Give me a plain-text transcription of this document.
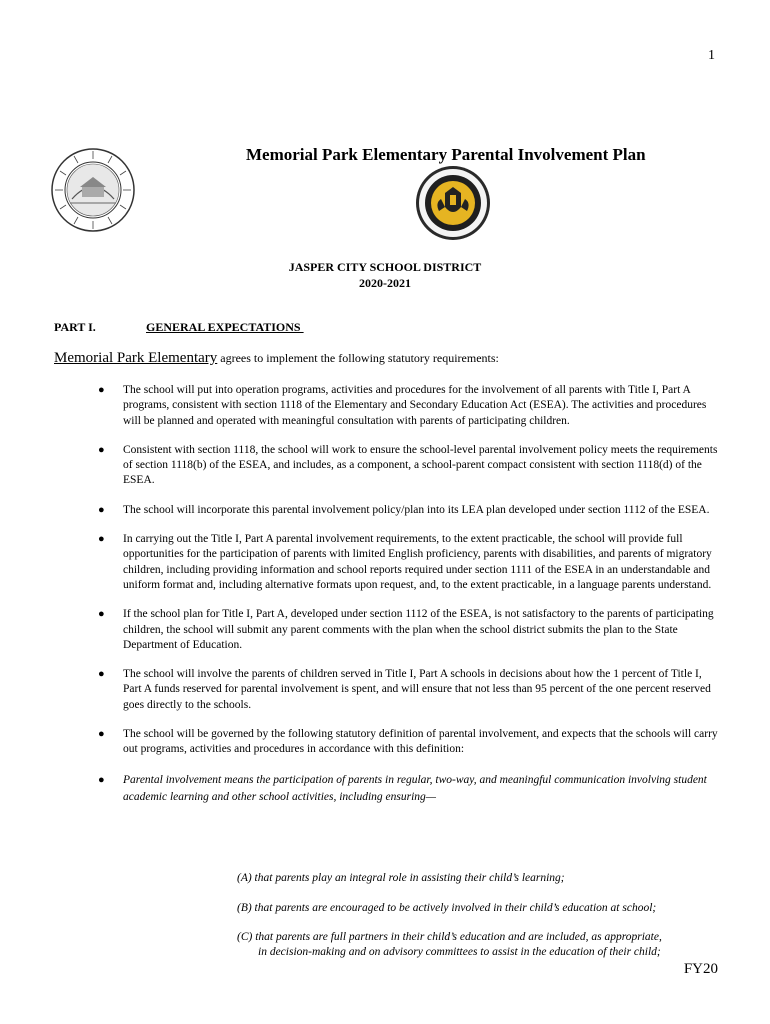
1
Memorial Park Elementary Parental Involvement Plan
JASPER CITY SCHOOL DISTRICT
2020-2021
PART I.	GENERAL EXPECTATIONS
Memorial Park Elementary agrees to implement the following statutory requirements:
● The school will put into operation programs, activities and procedures for the involvement of all parents with Title I, Part A programs, consistent with section 1118 of the Elementary and Secondary Education Act (ESEA). The activities and procedures will be planned and operated with meaningful consultation with parents of participating children.
● Consistent with section 1118, the school will work to ensure the school-level parental involvement policy meets the requirements of section 1118(b) of the ESEA, and includes, as a component, a school-parent compact consistent with section 1118(d) of the ESEA.
● The school will incorporate this parental involvement policy/plan into its LEA plan developed under section 1112 of the ESEA.
● In carrying out the Title I, Part A parental involvement requirements, to the extent practicable, the school will provide full opportunities for the participation of parents with limited English proficiency, parents with disabilities, and parents of migratory children, including providing information and school reports required under section 1111 of the ESEA in an understandable and uniform format and, including alternative formats upon request, and, to the extent practicable, in a language parents understand.
● If the school plan for Title I, Part A, developed under section 1112 of the ESEA, is not satisfactory to the parents of participating children, the school will submit any parent comments with the plan when the school district submits the plan to the State Department of Education.
● The school will involve the parents of children served in Title I, Part A schools in decisions about how the 1 percent of Title I, Part A funds reserved for parental involvement is spent, and will ensure that not less than 95 percent of the one percent reserved goes directly to the schools.
● The school will be governed by the following statutory definition of parental involvement, and expects that the schools will carry out programs, activities and procedures in accordance with this definition:
● Parental involvement means the participation of parents in regular, two-way, and meaningful communication involving student academic learning and other school activities, including ensuring—
(A) that parents play an integral role in assisting their child’s learning;
(B) that parents are encouraged to be actively involved in their child’s education at school;
(C) that parents are full partners in their child’s education and are included, as appropriate,
in decision-making and on advisory committees to assist in the education of their child;
FY20
